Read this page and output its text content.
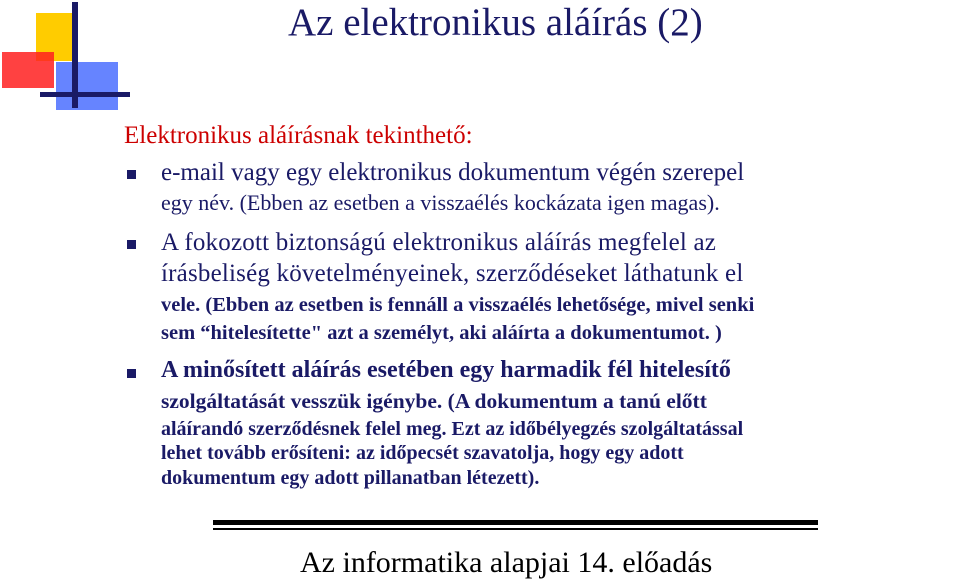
Az elektronikus aláírás (2)
Elektronikus aláírásnak tekinthető:
e-mail vagy egy elektronikus dokumentum végén szerepel
egy név. (Ebben az esetben a visszaélés kockázata igen magas).
A fokozott biztonságú elektronikus aláírás megfelel az
írásbeliség követelményeinek, szerződéseket láthatunk el
vele. (Ebben az esetben is fennáll a visszaélés lehetősége, mivel senki
sem “hitelesítette" azt a személyt, aki aláírta a dokumentumot. )
A minősített aláírás esetében egy harmadik fél hitelesítő
szolgáltatását vesszük igénybe. (A dokumentum a tanú előtt
aláírandó szerződésnek felel meg. Ezt az időbélyegzés szolgáltatással
lehet tovább erősíteni: az időpecsét szavatolja, hogy egy adott
dokumentum egy adott pillanatban létezett).

Az informatika alapjai 14. előadás
